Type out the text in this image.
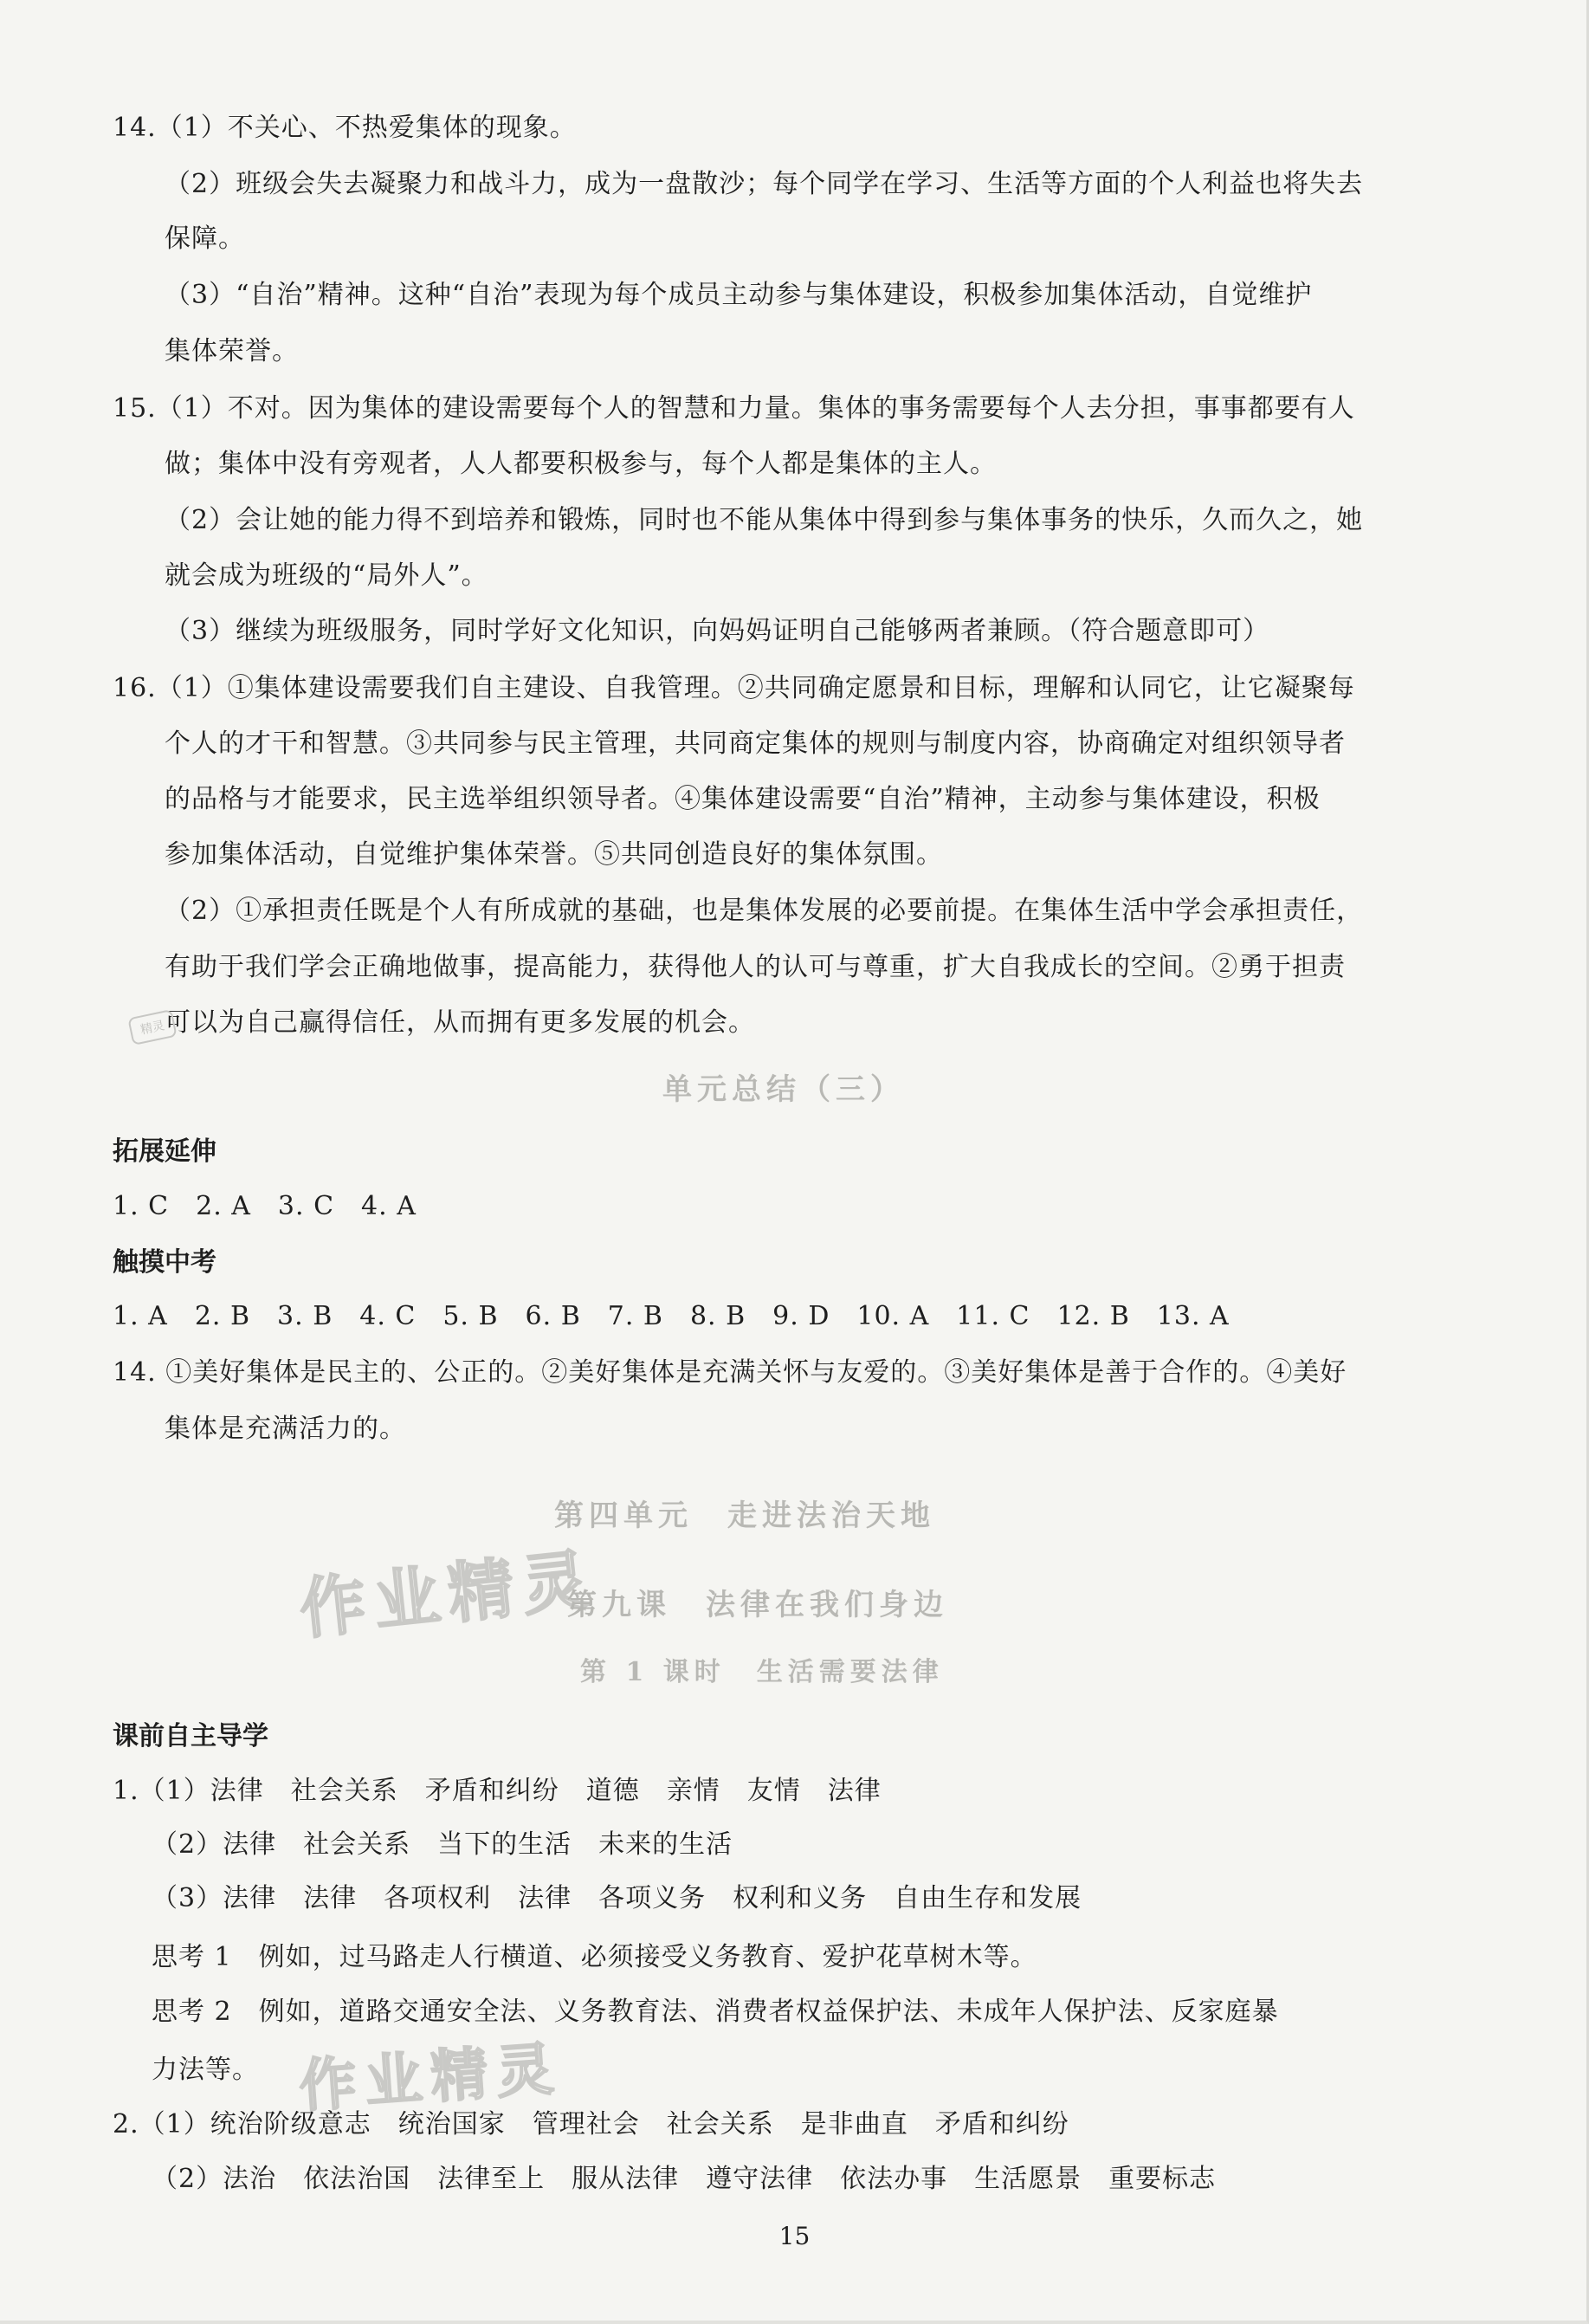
14.（1）不关心、不热爱集体的现象。
（2）班级会失去凝聚力和战斗力，成为一盘散沙；每个同学在学习、生活等方面的个人利益也将失去
保障。
（3）“自治”精神。这种“自治”表现为每个成员主动参与集体建设，积极参加集体活动，自觉维护
集体荣誉。
15.（1）不对。因为集体的建设需要每个人的智慧和力量。集体的事务需要每个人去分担，事事都要有人
做；集体中没有旁观者，人人都要积极参与，每个人都是集体的主人。
（2）会让她的能力得不到培养和锻炼，同时也不能从集体中得到参与集体事务的快乐，久而久之，她
就会成为班级的“局外人”。
（3）继续为班级服务，同时学好文化知识，向妈妈证明自己能够两者兼顾。（符合题意即可）
16.（1）①集体建设需要我们自主建设、自我管理。②共同确定愿景和目标，理解和认同它，让它凝聚每
个人的才干和智慧。③共同参与民主管理，共同商定集体的规则与制度内容，协商确定对组织领导者
的品格与才能要求，民主选举组织领导者。④集体建设需要“自治”精神，主动参与集体建设，积极
参加集体活动，自觉维护集体荣誉。⑤共同创造良好的集体氛围。
（2）①承担责任既是个人有所成就的基础，也是集体发展的必要前提。在集体生活中学会承担责任，
有助于我们学会正确地做事，提高能力，获得他人的认可与尊重，扩大自我成长的空间。②勇于担责
可以为自己赢得信任，从而拥有更多发展的机会。
精灵
单元总结（三）
拓展延伸
1. C　2. A　3. C　4. A
触摸中考
1. A　2. B　3. B　4. C　5. B　6. B　7. B　8. B　9. D　10. A　11. C　12. B　13. A
14. ①美好集体是民主的、公正的。②美好集体是充满关怀与友爱的。③美好集体是善于合作的。④美好
集体是充满活力的。
第四单元　走进法治天地
作业精灵
第九课　法律在我们身边
第 1 课时　生活需要法律
课前自主导学
1.（1）法律　社会关系　矛盾和纠纷　道德　亲情　友情　法律
（2）法律　社会关系　当下的生活　未来的生活
（3）法律　法律　各项权利　法律　各项义务　权利和义务　自由生存和发展
思考 1　例如，过马路走人行横道、必须接受义务教育、爱护花草树木等。
思考 2　例如，道路交通安全法、义务教育法、消费者权益保护法、未成年人保护法、反家庭暴
力法等。 作业精灵
2.（1）统治阶级意志　统治国家　管理社会　社会关系　是非曲直　矛盾和纠纷
（2）法治　依法治国　法律至上　服从法律　遵守法律　依法办事　生活愿景　重要标志
15
